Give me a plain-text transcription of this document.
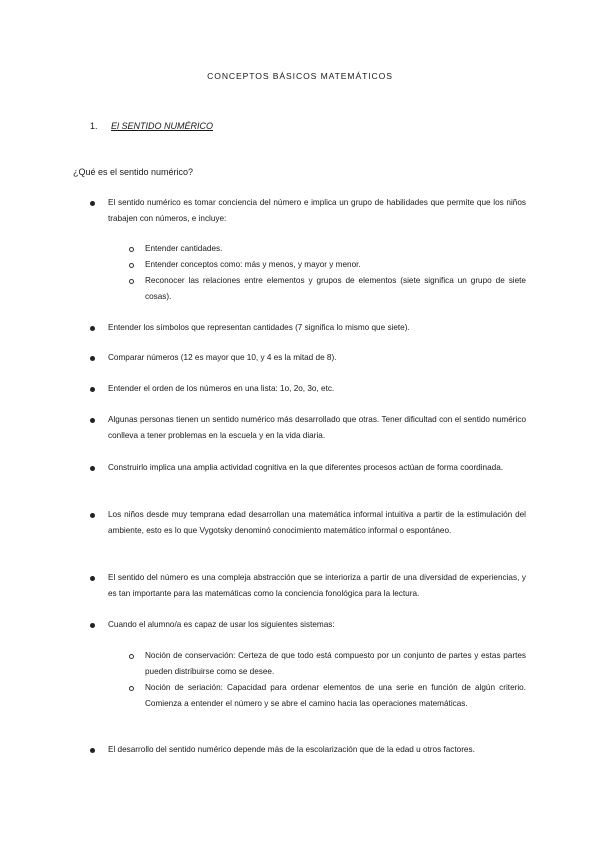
CONCEPTOS BÁSICOS MATEMÁTICOS
1. El SENTIDO NUMÉRICO
¿Qué es el sentido numérico?
El sentido numérico es tomar conciencia del número e implica un grupo de habilidades que permite que los niños trabajen con números, e incluye:
Entender cantidades.
Entender conceptos como: más y menos, y mayor y menor.
Reconocer las relaciones entre elementos y grupos de elementos (siete significa un grupo de siete cosas).
Entender los símbolos que representan cantidades (7 significa lo mismo que siete).
Comparar números (12 es mayor que 10, y 4 es la mitad de 8).
Entender el orden de los números en una lista: 1o, 2o, 3o, etc.
Algunas personas tienen un sentido numérico más desarrollado que otras. Tener dificultad con el sentido numérico conlleva a tener problemas en la escuela y en la vida diaria.
Construirlo implica una amplia actividad cognitiva en la que diferentes procesos actúan de forma coordinada.
Los niños desde muy temprana edad desarrollan una matemática informal intuitiva a partir de la estimulación del ambiente, esto es lo que Vygotsky denominó conocimiento matemático informal o espontáneo.
El sentido del número es una compleja abstracción que se interioriza a partir de una diversidad de experiencias, y es tan importante para las matemáticas como la conciencia fonológica para la lectura.
Cuando el alumno/a es capaz de usar los siguientes sistemas:
Noción de conservación: Certeza de que todo está compuesto por un conjunto de partes y estas partes pueden distribuirse como se desee.
Noción de seriación: Capacidad para ordenar elementos de una serie en función de algún criterio. Comienza a entender el número y se abre el camino hacia las operaciones matemáticas.
El desarrollo del sentido numérico depende más de la escolarización que de la edad u otros factores.
